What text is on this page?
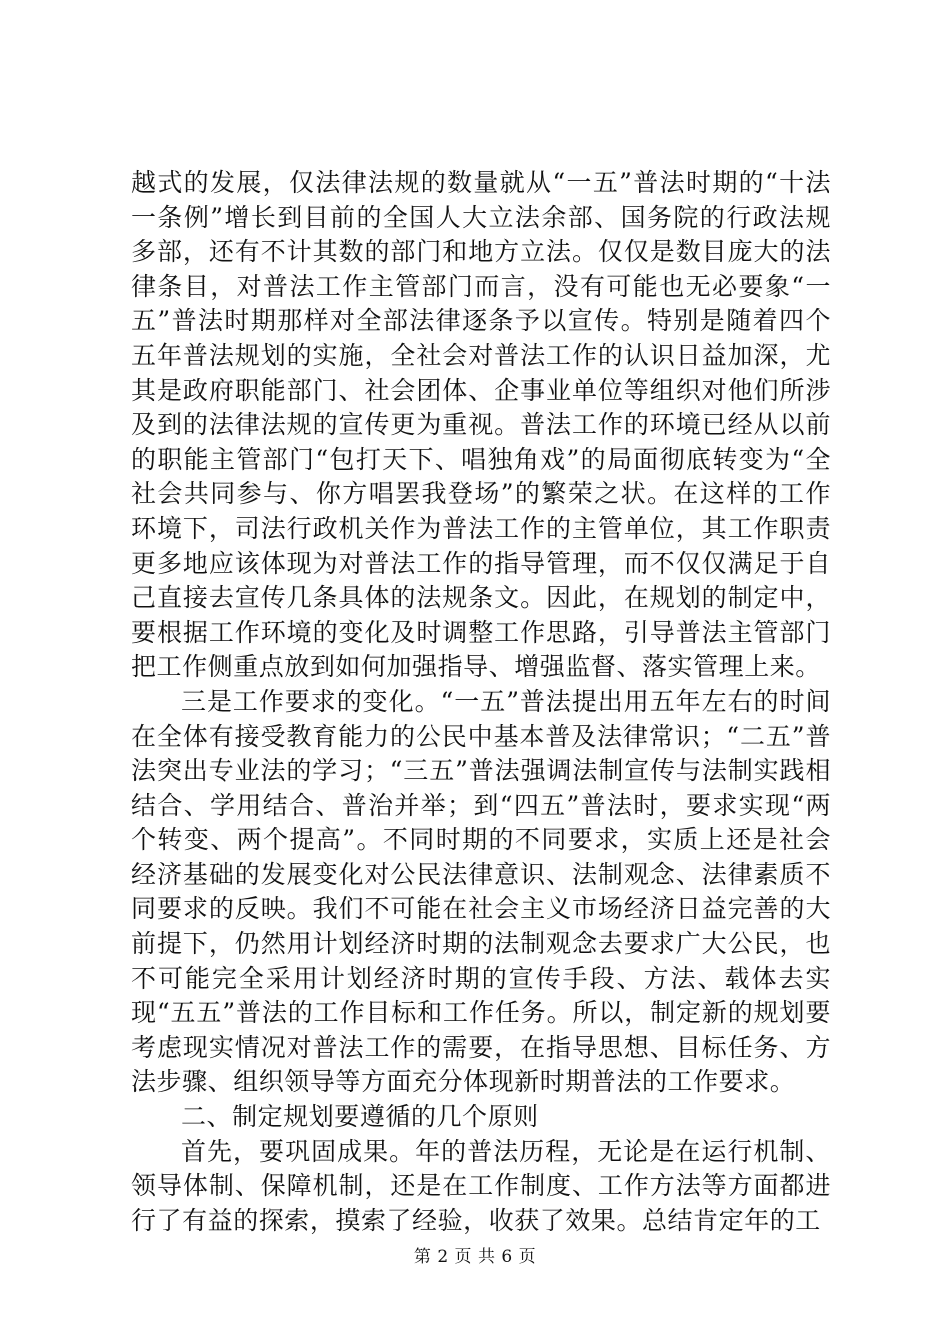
越式的发展，仅法律法规的数量就从“一五”普法时期的“十法一条例”增长到目前的全国人大立法余部、国务院的行政法规多部，还有不计其数的部门和地方立法。仅仅是数目庞大的法律条目，对普法工作主管部门而言，没有可能也无必要象“一五”普法时期那样对全部法律逐条予以宣传。特别是随着四个五年普法规划的实施，全社会对普法工作的认识日益加深，尤其是政府职能部门、社会团体、企事业单位等组织对他们所涉及到的法律法规的宣传更为重视。普法工作的环境已经从以前的职能主管部门“包打天下、唱独角戏”的局面彻底转变为“全社会共同参与、你方唱罢我登场”的繁荣之状。在这样的工作环境下，司法行政机关作为普法工作的主管单位，其工作职责更多地应该体现为对普法工作的指导管理，而不仅仅满足于自己直接去宣传几条具体的法规条文。因此，在规划的制定中，要根据工作环境的变化及时调整工作思路，引导普法主管部门把工作侧重点放到如何加强指导、增强监督、落实管理上来。

三是工作要求的变化。“一五”普法提出用五年左右的时间在全体有接受教育能力的公民中基本普及法律常识；“二五”普法突出专业法的学习；“三五”普法强调法制宣传与法制实践相结合、学用结合、普治并举；到“四五”普法时，要求实现“两个转变、两个提高”。不同时期的不同要求，实质上还是社会经济基础的发展变化对公民法律意识、法制观念、法律素质不同要求的反映。我们不可能在社会主义市场经济日益完善的大前提下，仍然用计划经济时期的法制观念去要求广大公民，也不可能完全采用计划经济时期的宣传手段、方法、载体去实现“五五”普法的工作目标和工作任务。所以，制定新的规划要考虑现实情况对普法工作的需要，在指导思想、目标任务、方法步骤、组织领导等方面充分体现新时期普法的工作要求。

二、制定规划要遵循的几个原则

首先，要巩固成果。年的普法历程，无论是在运行机制、领导体制、保障机制，还是在工作制度、工作方法等方面都进行了有益的探索，摸索了经验，收获了效果。总结肯定年的工

第 2 页 共 6 页
